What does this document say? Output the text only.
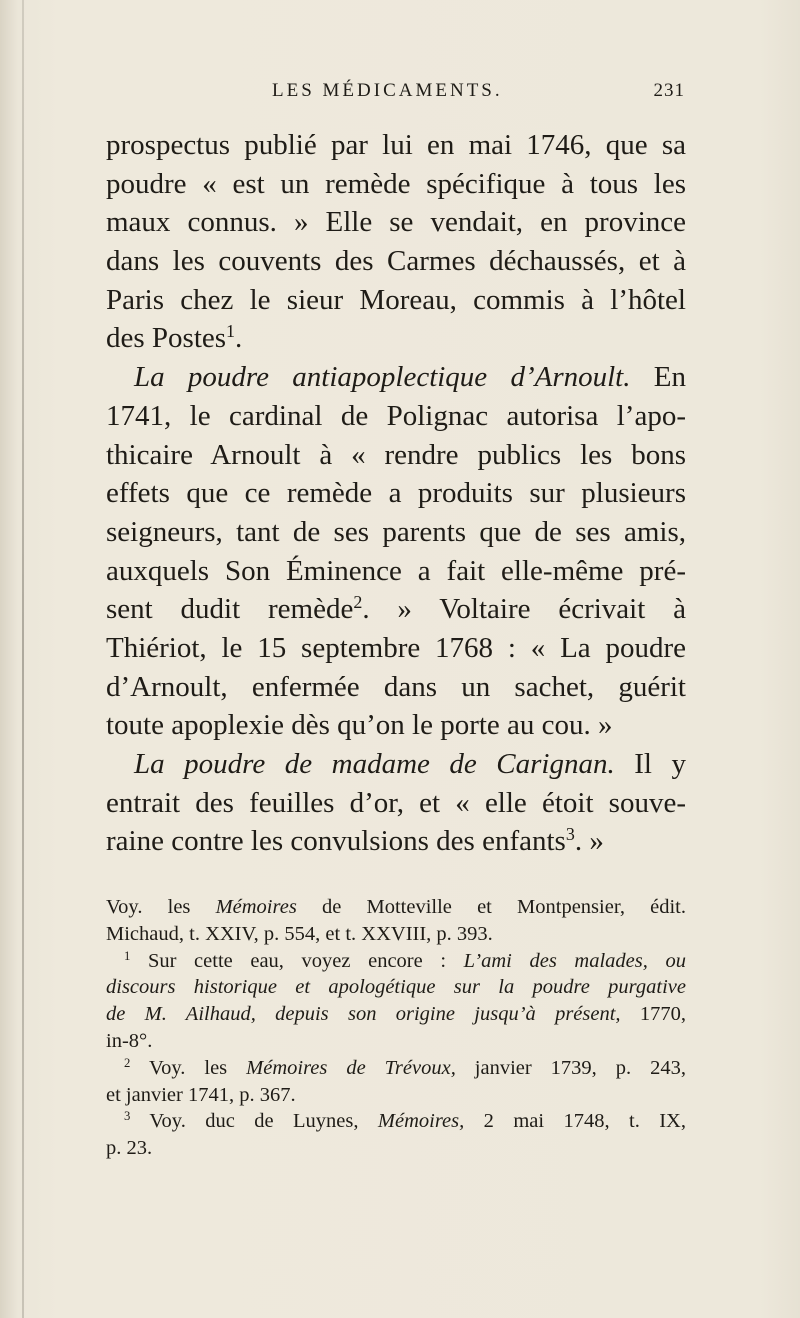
LES MÉDICAMENTS.	231
prospectus publié par lui en mai 1746, que sa
poudre « est un remède spécifique à tous les
maux connus. » Elle se vendait, en province
dans les couvents des Carmes déchaussés, et à
Paris chez le sieur Moreau, commis à l’hôtel
des Postes$^1$.
La poudre antiapoplectique d’Arnoult. En
1741, le cardinal de Polignac autorisa l’apo-
thicaire Arnoult à « rendre publics les bons
effets que ce remède a produits sur plusieurs
seigneurs, tant de ses parents que de ses amis,
auxquels Son Éminence a fait elle-même pré-
sent dudit remède$^2$. » Voltaire écrivait à
Thiériot, le 15 septembre 1768 : « La poudre
d’Arnoult, enfermée dans un sachet, guérit
toute apoplexie dès qu’on le porte au cou. »
La poudre de madame de Carignan. Il y
entrait des feuilles d’or, et « elle étoit souve-
raine contre les convulsions des enfants$^3$. »
Voy. les Mémoires de Motteville et Montpensier, édit.
Michaud, t. XXIV, p. 554, et t. XXVIII, p. 393.
$^1$ Sur cette eau, voyez encore : L’ami des malades, ou
discours historique et apologétique sur la poudre purgative
de M. Ailhaud, depuis son origine jusqu’à présent, 1770,
in-8°.
$^2$ Voy. les Mémoires de Trévoux, janvier 1739, p. 243,
et janvier 1741, p. 367.
$^3$ Voy. duc de Luynes, Mémoires, 2 mai 1748, t. IX,
p. 23.
